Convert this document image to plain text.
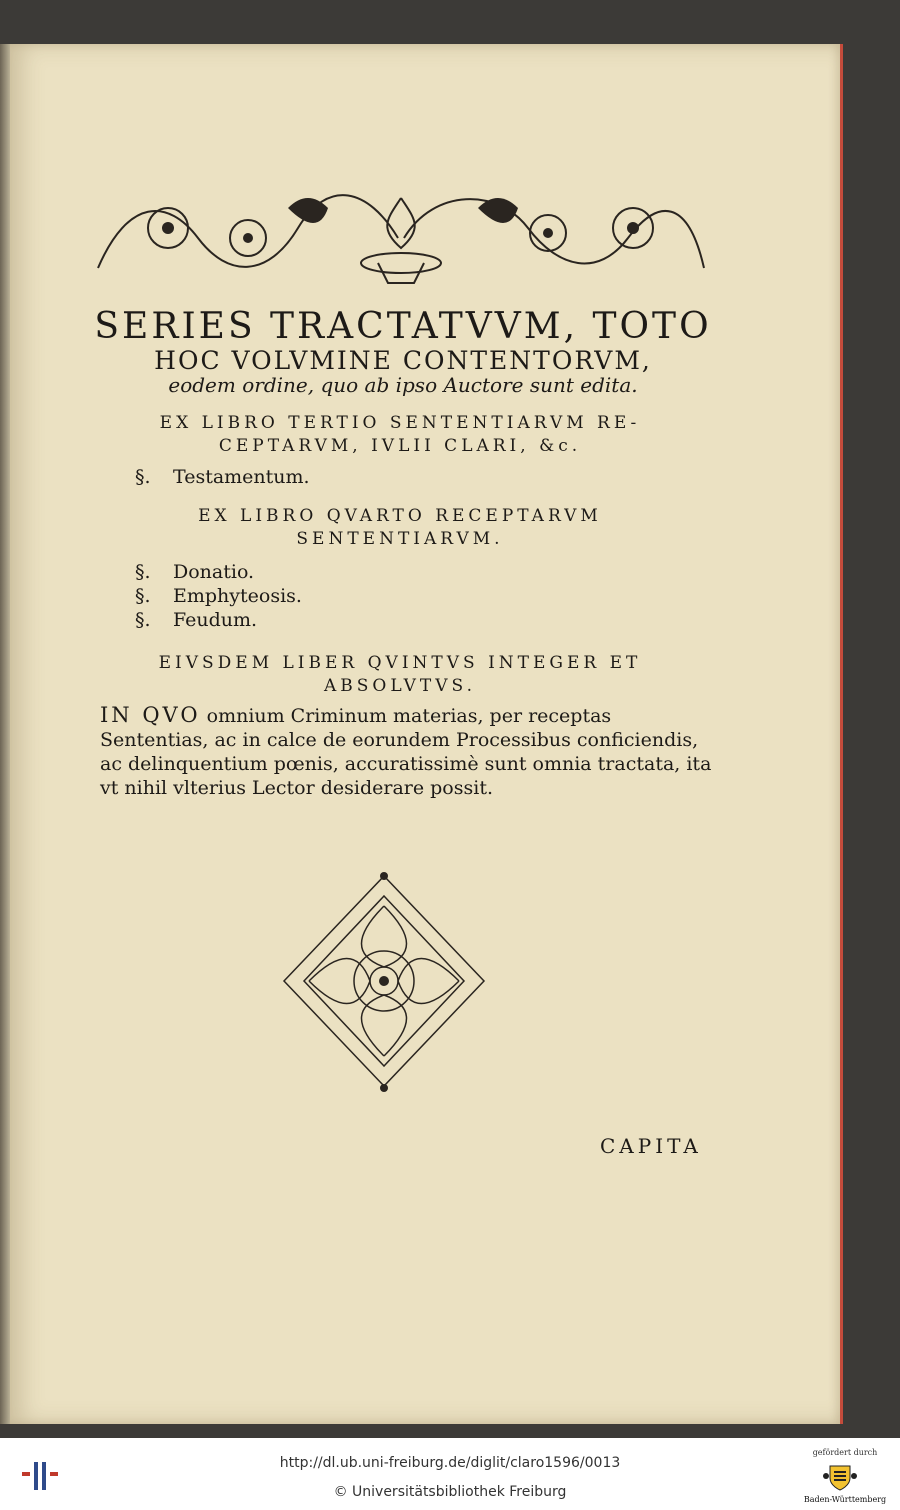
SERIES TRACTATVVM, TOTO
HOC VOLVMINE CONTENTORVM,
eodem ordine, quo ab ipso Auctore sunt edita.
EX LIBRO TERTIO SENTENTIARVM RE- CEPTARVM, IVLII CLARI, &c.
§. Testamentum.
EX LIBRO QVARTO RECEPTARVM SENTENTIARVM.
§. Donatio.
§. Emphyteosis.
§. Feudum.
EIVSDEM LIBER QVINTVS INTEGER ET ABSOLVTVS.
IN QVO omnium Criminum materias, per receptas Sententias, ac in calce de eorundem Processibus conficiendis, ac delinquentium pœnis, accuratissimè sunt omnia tractata, ita vt nihil vlterius Lector desiderare possit.
CAPITA
http://dl.ub.uni-freiburg.de/diglit/claro1596/0013
© Universitätsbibliothek Freiburg
gefördert durch
Baden-Württemberg
